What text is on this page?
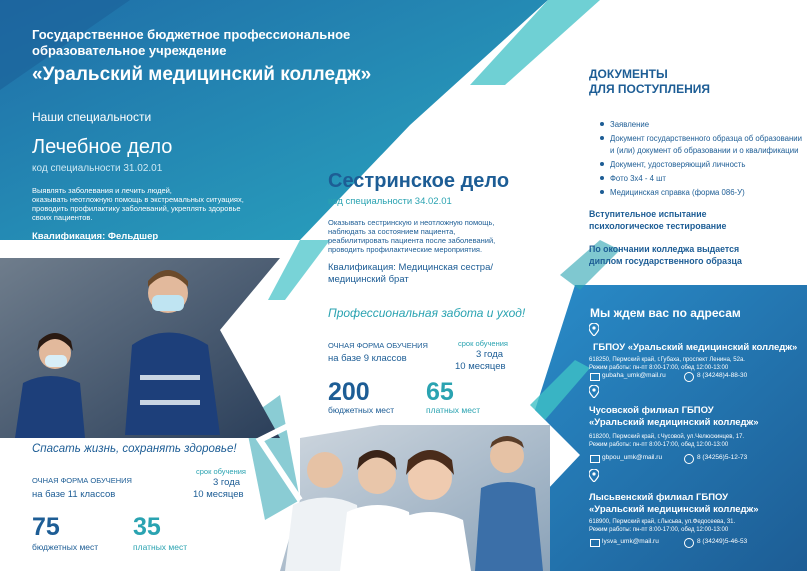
Государственное бюджетное профессиональное
образовательное учреждение
«Уральский медицинский колледж»
Наши специальности
Лечебное дело
код специальности 31.02.01
Выявлять заболевания и лечить людей,
оказывать неотложную помощь в экстремальных ситуациях,
проводить профилактику заболеваний, укреплять здоровье
своих пациентов.
Квалификация: Фельдшер
Спасать жизнь, сохранять здоровье!
ОЧНАЯ ФОРМА ОБУЧЕНИЯ
на базе 11 классов
срок обучения
3 года
10 месяцев
75
бюджетных мест
35
платных мест
Сестринское дело
код специальности 34.02.01
Оказывать сестринскую и неотложную помощь,
наблюдать за состоянием пациента,
реабилитировать пациента после заболеваний,
проводить профилактические мероприятия.
Квалификация: Медицинская сестра/
медицинский брат
Профессиональная забота и уход!
ОЧНАЯ ФОРМА ОБУЧЕНИЯ
на базе 9 классов
срок обучения
3 года
10 месяцев
200
бюджетных мест
65
платных мест
ДОКУМЕНТЫ
ДЛЯ ПОСТУПЛЕНИЯ
Заявление
Документ государственного образца об образовании
и (или) документ об образовании и о квалификации
Документ, удостоверяющий личность
Фото 3х4 - 4 шт
Медицинская справка (форма 086-У)
Вступительное испытание
психологическое тестирование
По окончании колледжа выдается
диплом государственного образца
Мы ждем вас по адресам
ГБПОУ «Уральский медицинский колледж»
618250, Пермский край, г.Губаха, проспект Ленина, 52а.
Режим работы: пн-пт 8:00-17:00, обед 12:00-13:00
gubaha_umk@mail.ru	8 (34248)4-88-30
Чусовской филиал ГБПОУ
«Уральский медицинский колледж»
618200, Пермский край, г.Чусовой, ул.Челюскинцев, 17.
Режим работы: пн-пт 8:00-17:00, обед 12:00-13:00
gbpou_umk@mail.ru	8 (34256)5-12-73
Лысьвенский филиал ГБПОУ
«Уральский медицинский колледж»
618900, Пермский край, г.Лысьва, ул.Федосеева, 31.
Режим работы: пн-пт 8:00-17:00, обед 12:00-13:00
lysva_umk@mail.ru	8 (34249)5-46-53
